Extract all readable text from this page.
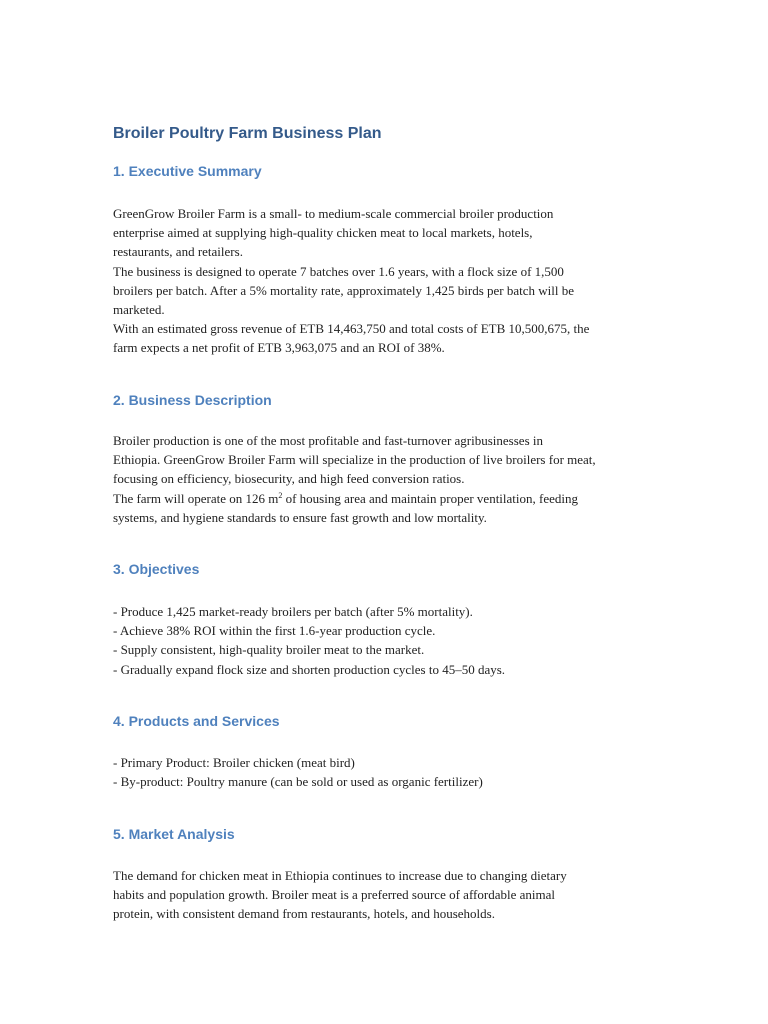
Broiler Poultry Farm Business Plan
1. Executive Summary
GreenGrow Broiler Farm is a small- to medium-scale commercial broiler production
enterprise aimed at supplying high-quality chicken meat to local markets, hotels,
restaurants, and retailers.
The business is designed to operate 7 batches over 1.6 years, with a flock size of 1,500
broilers per batch. After a 5% mortality rate, approximately 1,425 birds per batch will be
marketed.
With an estimated gross revenue of ETB 14,463,750 and total costs of ETB 10,500,675, the
farm expects a net profit of ETB 3,963,075 and an ROI of 38%.
2. Business Description
Broiler production is one of the most profitable and fast-turnover agribusinesses in
Ethiopia. GreenGrow Broiler Farm will specialize in the production of live broilers for meat,
focusing on efficiency, biosecurity, and high feed conversion ratios.
The farm will operate on 126 $m^2$ of housing area and maintain proper ventilation, feeding
systems, and hygiene standards to ensure fast growth and low mortality.
3. Objectives
- Produce 1,425 market-ready broilers per batch (after 5% mortality).
- Achieve 38% ROI within the first 1.6-year production cycle.
- Supply consistent, high-quality broiler meat to the market.
- Gradually expand flock size and shorten production cycles to 45–50 days.
4. Products and Services
- Primary Product: Broiler chicken (meat bird)
- By-product: Poultry manure (can be sold or used as organic fertilizer)
5. Market Analysis
The demand for chicken meat in Ethiopia continues to increase due to changing dietary
habits and population growth. Broiler meat is a preferred source of affordable animal
protein, with consistent demand from restaurants, hotels, and households.
